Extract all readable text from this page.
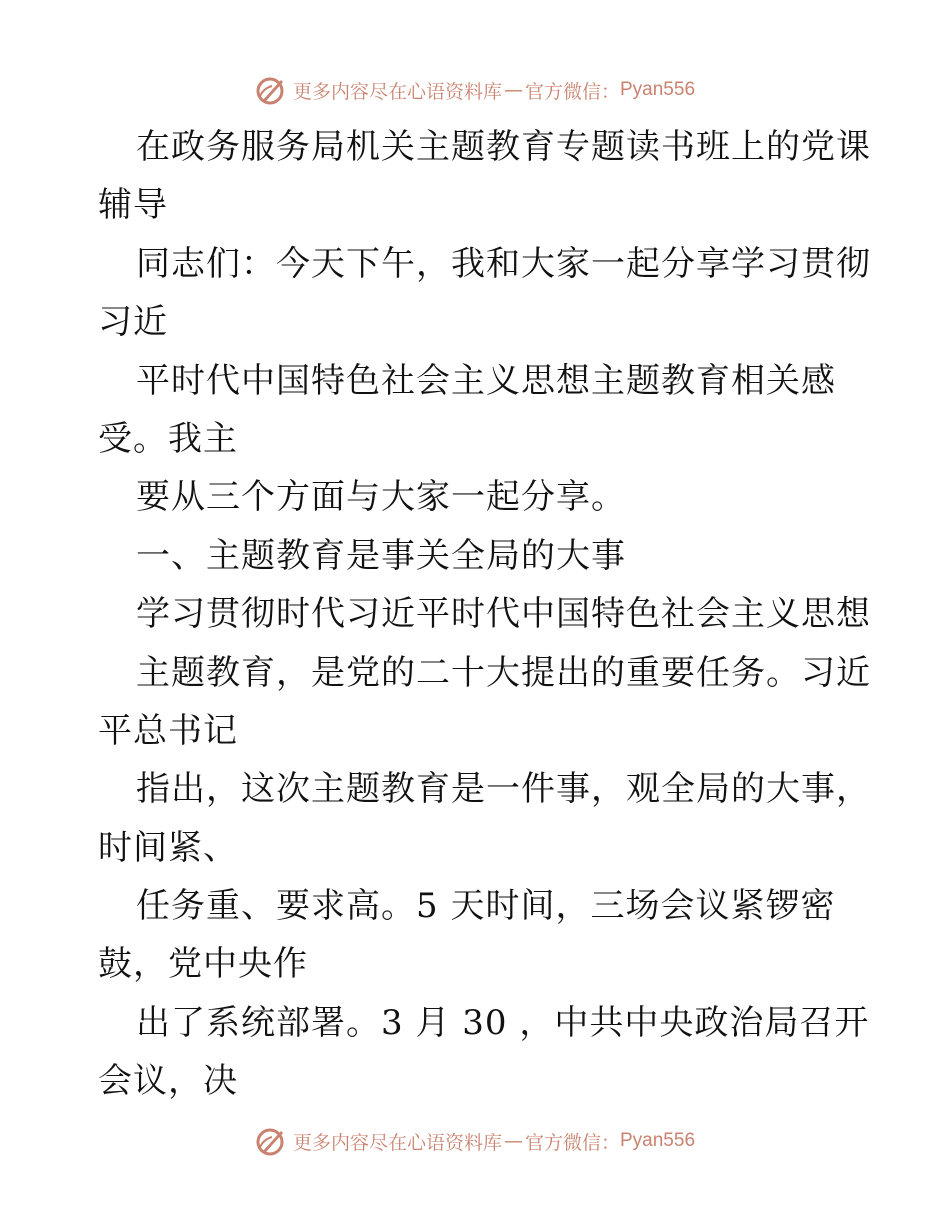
更多内容尽在心语资料库 — 官方微信： Pyan556
在政务服务局机关主题教育专题读书班上的党课
辅导
同志们：今天下午，我和大家一起分享学习贯彻
习近
平时代中国特色社会主义思想主题教育相关感
受。我主
要从三个方面与大家一起分享。
一、主题教育是事关全局的大事
学习贯彻时代习近平时代中国特色社会主义思想
主题教育，是党的二十大提出的重要任务。习近
平总书记
指出，这次主题教育是一件事，观全局的大事，
时间紧、
任务重、要求高。5 天时间，三场会议紧锣密
鼓，党中央作
出了系统部署。3 月 30 ，中共中央政治局召开
会议，决
更多内容尽在心语资料库 — 官方微信： Pyan556
